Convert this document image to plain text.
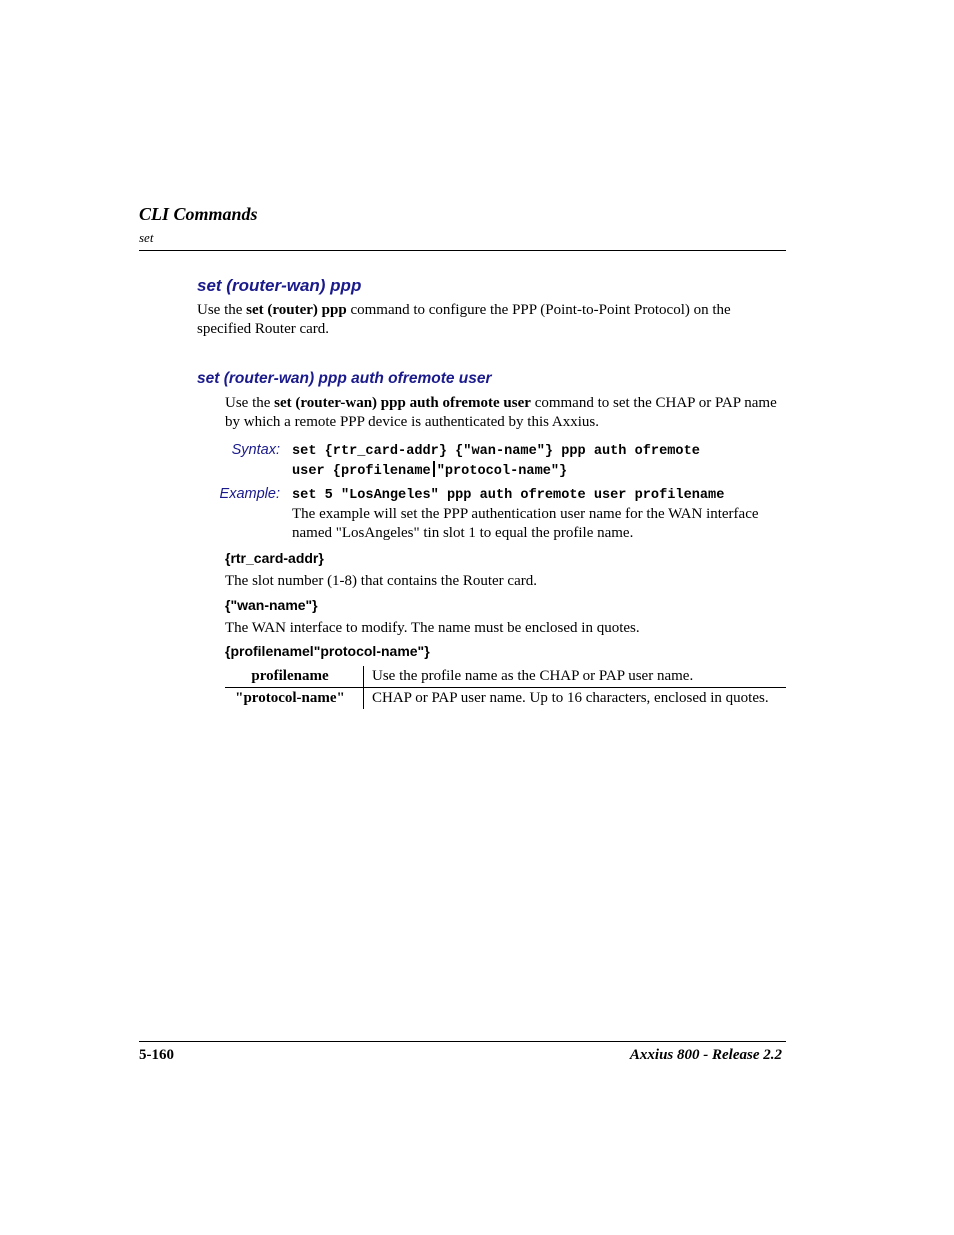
CLI Commands
set
set (router-wan) ppp
Use the set (router) ppp command to configure the PPP (Point-to-Point Protocol) on the specified Router card.
set (router-wan) ppp auth ofremote user
Use the set (router-wan) ppp auth ofremote user command to set the CHAP or PAP name by which a remote PPP device is authenticated by this Axxius.
Syntax: set {rtr_card-addr} {"wan-name"} ppp auth ofremote
user {profilename "protocol-name"}
Example: set 5 "LosAngeles" ppp auth ofremote user profilename
The example will set the PPP authentication user name for the WAN interface named "LosAngeles" tin slot 1 to equal the profile name.
{rtr_card-addr}
The slot number (1-8) that contains the Router card.
{"wan-name"}
The WAN interface to modify. The name must be enclosed in quotes.
{profilenamel"protocol-name"}
profilename	Use the profile name as the CHAP or PAP user name.
"protocol-name"	CHAP or PAP user name. Up to 16 characters, enclosed in quotes.
5-160	Axxius 800 - Release 2.2
